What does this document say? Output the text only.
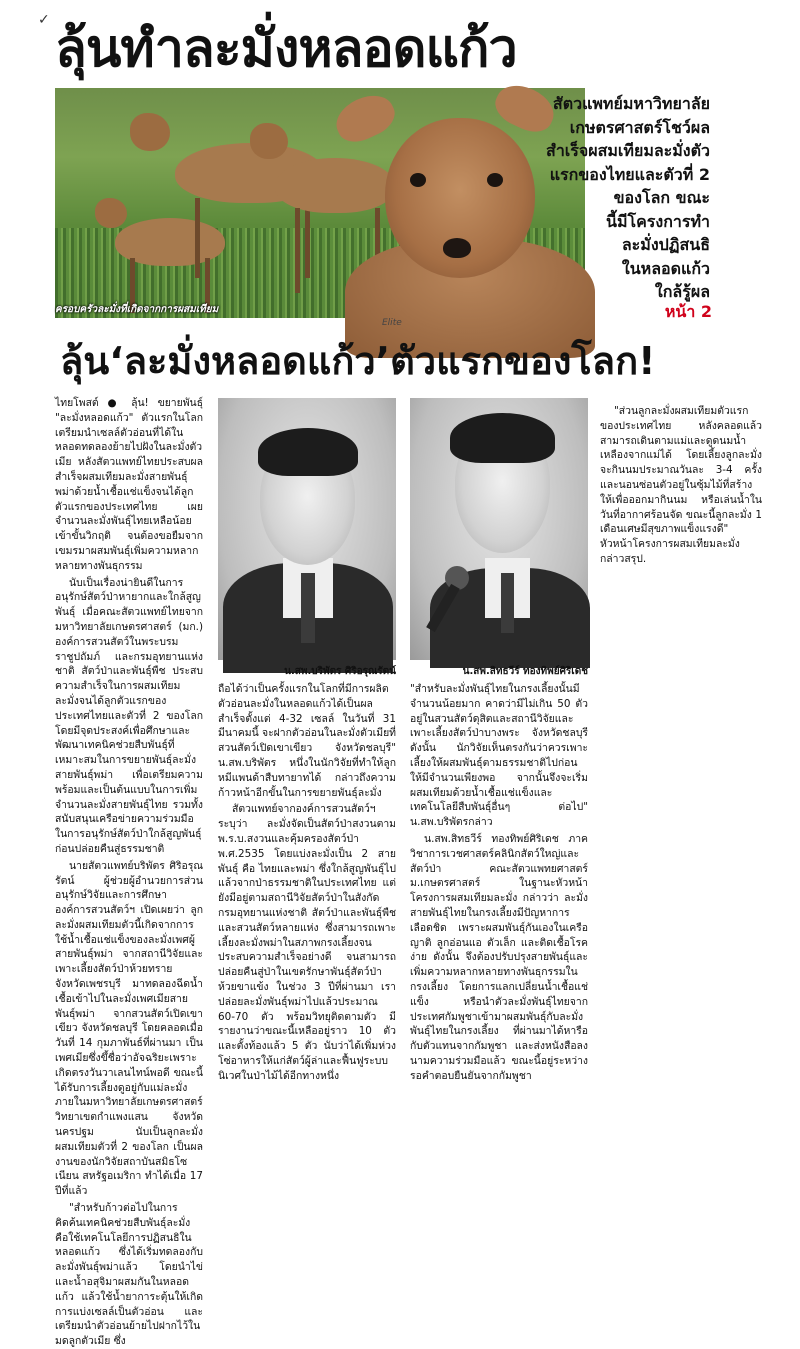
✓ ลุ้นทำละมั่งหลอดแก้ว
ครอบครัวละมั่งที่เกิดจากการผสมเทียม
สัตวแพทย์มหาวิทยาลัย
เกษตรศาสตร์โชว์ผล
สำเร็จผสมเทียมละมั่งตัว
แรกของไทยและตัวที่ 2
ของโลก ขณะ
นี้มีโครงการทำ
ละมั่งปฏิสนธิ
ในหลอดแก้ว
ใกล้รู้ผล
หน้า 2
Elite
ลุ้น‘ละมั่งหลอดแก้ว’ตัวแรกของโลก!

ไทยโพสต์ ● ลุ้น! ขยายพันธุ์ "ละมั่งหลอดแก้ว" ตัวแรกในโลก เตรียมนำเซลล์ตัวอ่อนที่ได้ในหลอดทดลองย้ายไปฝังในละมั่งตัวเมีย หลังสัตวแพทย์ไทยประสบผลสำเร็จผสมเทียมละมั่งสายพันธุ์พม่าด้วยน้ำเชื้อแช่แข็งจนได้ลูกตัวแรกของประเทศไทย เผยจำนวนละมั่งพันธุ์ไทยเหลือน้อยเข้าขั้นวิกฤติ จนต้องขอยืมจากเขมรมาผสมพันธุ์เพิ่มความหลากหลายทางพันธุกรรม

นับเป็นเรื่องน่ายินดีในการอนุรักษ์สัตว์ป่าหายากและใกล้สูญพันธุ์ เมื่อคณะสัตวแพทย์ไทยจากมหาวิทยาลัยเกษตรศาสตร์ (มก.) องค์การสวนสัตว์ในพระบรมราชูปถัมภ์ และกรมอุทยานแห่งชาติ สัตว์ป่าและพันธุ์พืช ประสบความสำเร็จในการผสมเทียมละมั่งจนได้ลูกตัวแรกของประเทศไทยและตัวที่ 2 ของโลก โดยมีจุดประสงค์เพื่อศึกษาและพัฒนาเทคนิคช่วยสืบพันธุ์ที่เหมาะสมในการขยายพันธุ์ละมั่งสายพันธุ์พม่า เพื่อเตรียมความพร้อมและเป็นต้นแบบในการเพิ่มจำนวนละมั่งสายพันธุ์ไทย รวมทั้งสนับสนุนเครือข่ายความร่วมมือในการอนุรักษ์สัตว์ป่าใกล้สูญพันธุ์ก่อนปล่อยคืนสู่ธรรมชาติ

นายสัตวแพทย์บริพัตร ศิริอรุณรัตน์ ผู้ช่วยผู้อำนวยการส่วนอนุรักษ์วิจัยและการศึกษา องค์การสวนสัตว์ฯ เปิดเผยว่า ลูกละมั่งผสมเทียมตัวนี้เกิดจากการใช้น้ำเชื้อแช่แข็งของละมั่งเพศผู้สายพันธุ์พม่า จากสถานีวิจัยและเพาะเลี้ยงสัตว์ป่าห้วยทราย จังหวัดเพชรบุรี มาทดลองฉีดน้ำเชื้อเข้าไปในละมั่งเพศเมียสายพันธุ์พม่า จากสวนสัตว์เปิดเขาเขียว จังหวัดชลบุรี โดยคลอดเมื่อวันที่ 14 กุมภาพันธ์ที่ผ่านมา เป็นเพศเมียซึ่งขึ้ชื่อว่าอัจฉริยะเพราะเกิดตรงวันวาเลนไทน์พอดี ขณะนี้ได้รับการเลี้ยงดูอยู่กับแม่ละมั่งภายในมหาวิทยาลัยเกษตรศาสตร์ วิทยาเขตกำแพงแสน จังหวัดนครปฐม นับเป็นลูกละมั่งผสมเทียมตัวที่ 2 ของโลก เป็นผลงานของนักวิจัยสถาบันสมิธโซเนียน สหรัฐอเมริกา ทำได้เมื่อ 17 ปีที่แล้ว

"สำหรับก้าวต่อไปในการคิดค้นเทคนิคช่วยสืบพันธุ์ละมั่ง คือใช้เทคโนโลยีการปฏิสนธิในหลอดแก้ว ซึ่งได้เริ่มทดลองกับละมั่งพันธุ์พม่าแล้ว โดยนำไข่และน้ำอสุจิมาผสมกันในหลอดแก้ว แล้วใช้น้ำยาการะตุ้นให้เกิดการแบ่งเซลล์เป็นตัวอ่อน และเตรียมนำตัวอ่อนย้ายไปฝากไว้ในมดลูกตัวเมีย ซึ่ง

น.สพ.บริพัตร ศิริอรุณรัตน์	น.สพ.สิทธวีร์ ทองทิพย์ศิริเดช

ถือได้ว่าเป็นครั้งแรกในโลกที่มีการผลิตตัวอ่อนละมั่งในหลอดแก้วได้เป็นผลสำเร็จตั้งแต่ 4-32 เซลล์ ในวันที่ 31 มีนาคมนี้ จะฝากตัวอ่อนในละมั่งตัวเมียที่สวนสัตว์เปิดเขาเขียว จังหวัดชลบุรี" น.สพ.บริพัตร หนึ่งในนักวิจัยที่ทำให้ลูกหมีแพนด้าสืบทายาทได้ กล่าวถึงความก้าวหน้าอีกขั้นในการขยายพันธุ์ละมั่ง

สัตวแพทย์จากองค์การสวนสัตว์ฯ ระบุว่า ละมั่งจัดเป็นสัตว์ป่าสงวนตาม พ.ร.บ.สงวนและคุ้มครองสัตว์ป่า พ.ศ.2535 โดยแบ่งละมั่งเป็น 2 สายพันธุ์ คือ ไทยและพม่า ซึ่งใกล้สูญพันธุ์ไปแล้วจากป่าธรรมชาติในประเทศไทย แต่ยังมีอยู่ตามสถานีวิจัยสัตว์ป่าในสังกัดกรมอุทยานแห่งชาติ สัตว์ป่าและพันธุ์พืช และสวนสัตว์หลายแห่ง ซึ่งสามารถเพาะเลี้ยงละมั่งพม่าในสภาพกรงเลี้ยงจนประสบความสำเร็จอย่างดี จนสามารถปล่อยคืนสู่ป่าในเขตรักษาพันธุ์สัตว์ป่าห้วยขาแข้ง ในช่วง 3 ปีที่ผ่านมา เราปล่อยละมั่งพันธุ์พม่าไปแล้วประมาณ 60-70 ตัว พร้อมวิทยุติดตามตัว มีรายงานว่าขณะนี้เหลืออยู่ราว 10 ตัว และตั้งท้องแล้ว 5 ตัว นับว่าได้เพิ่มห่วงโซ่อาหารให้แก่สัตว์ผู้ล่าและฟื้นฟูระบบนิเวศในป่าไม้ได้อีกทางหนึ่ง

"ส่วนลูกละมั่งผสมเทียมตัวแรกของประเทศไทย หลังคลอดแล้วสามารถเดินตามแม่และดูดนมน้ำเหลืองจากแม่ได้ โดยเลี้ยงลูกละมั่งจะกินนมประมาณวันละ 3-4 ครั้ง และนอนซ่อนตัวอยู่ในซุ้มไม้ที่สร้างให้เพื่อออกมากินนม หรือเล่นน้ำในวันที่อากาศร้อนจัด ขณะนี้ลูกละมั่ง 1 เดือนเศษมีสุขภาพแข็งแรงดี" หัวหน้าโครงการผสมเทียมละมั่งกล่าวสรุป.

"สำหรับละมั่งพันธุ์ไทยในกรงเลี้ยงนั้นมีจำนวนน้อยมาก คาดว่ามีไม่เกิน 50 ตัวอยู่ในสวนสัตว์ดุสิตและสถานีวิจัยและเพาะเลี้ยงสัตว์ป่าบางพระ จังหวัดชลบุรี ดังนั้น นักวิจัยเห็นตรงกันว่าควรเพาะเลี้ยงให้ผสมพันธุ์ตามธรรมชาติไปก่อนให้มีจำนวนเพียงพอ จากนั้นจึงจะเริ่มผสมเทียมด้วยน้ำเชื้อแช่แข็งและเทคโนโลยีสืบพันธุ์อื่นๆ ต่อไป" น.สพ.บริพัตรกล่าว

น.สพ.สิทธวีร์ ทองทิพย์ศิริเดช ภาควิชาการเวชศาสตร์คลินิกสัตว์ใหญ่และสัตว์ป่า คณะสัตวแพทยศาสตร์ ม.เกษตรศาสตร์ ในฐานะหัวหน้าโครงการผสมเทียมละมั่ง กล่าวว่า ละมั่งสายพันธุ์ไทยในกรงเลี้ยงมีปัญหาการเลือดชิด เพราะผสมพันธุ์กันเองในเครือญาติ ลูกอ่อนแอ ตัวเล็ก และติดเชื้อโรคง่าย ดังนั้น จึงต้องปรับปรุงสายพันธุ์และเพิ่มความหลากหลายทางพันธุกรรมในกรงเลี้ยง โดยการแลกเปลี่ยนน้ำเชื้อแช่แข็ง หรือนำตัวละมั่งพันธุ์ไทยจากประเทศกัมพูชาเข้ามาผสมพันธุ์กับละมั่งพันธุ์ไทยในกรงเลี้ยง ที่ผ่านมาได้หารือกับตัวแทนจากกัมพูชา และส่งหนังสือลงนามความร่วมมือแล้ว ขณะนี้อยู่ระหว่างรอคำตอบยืนยันจากกัมพูชา
